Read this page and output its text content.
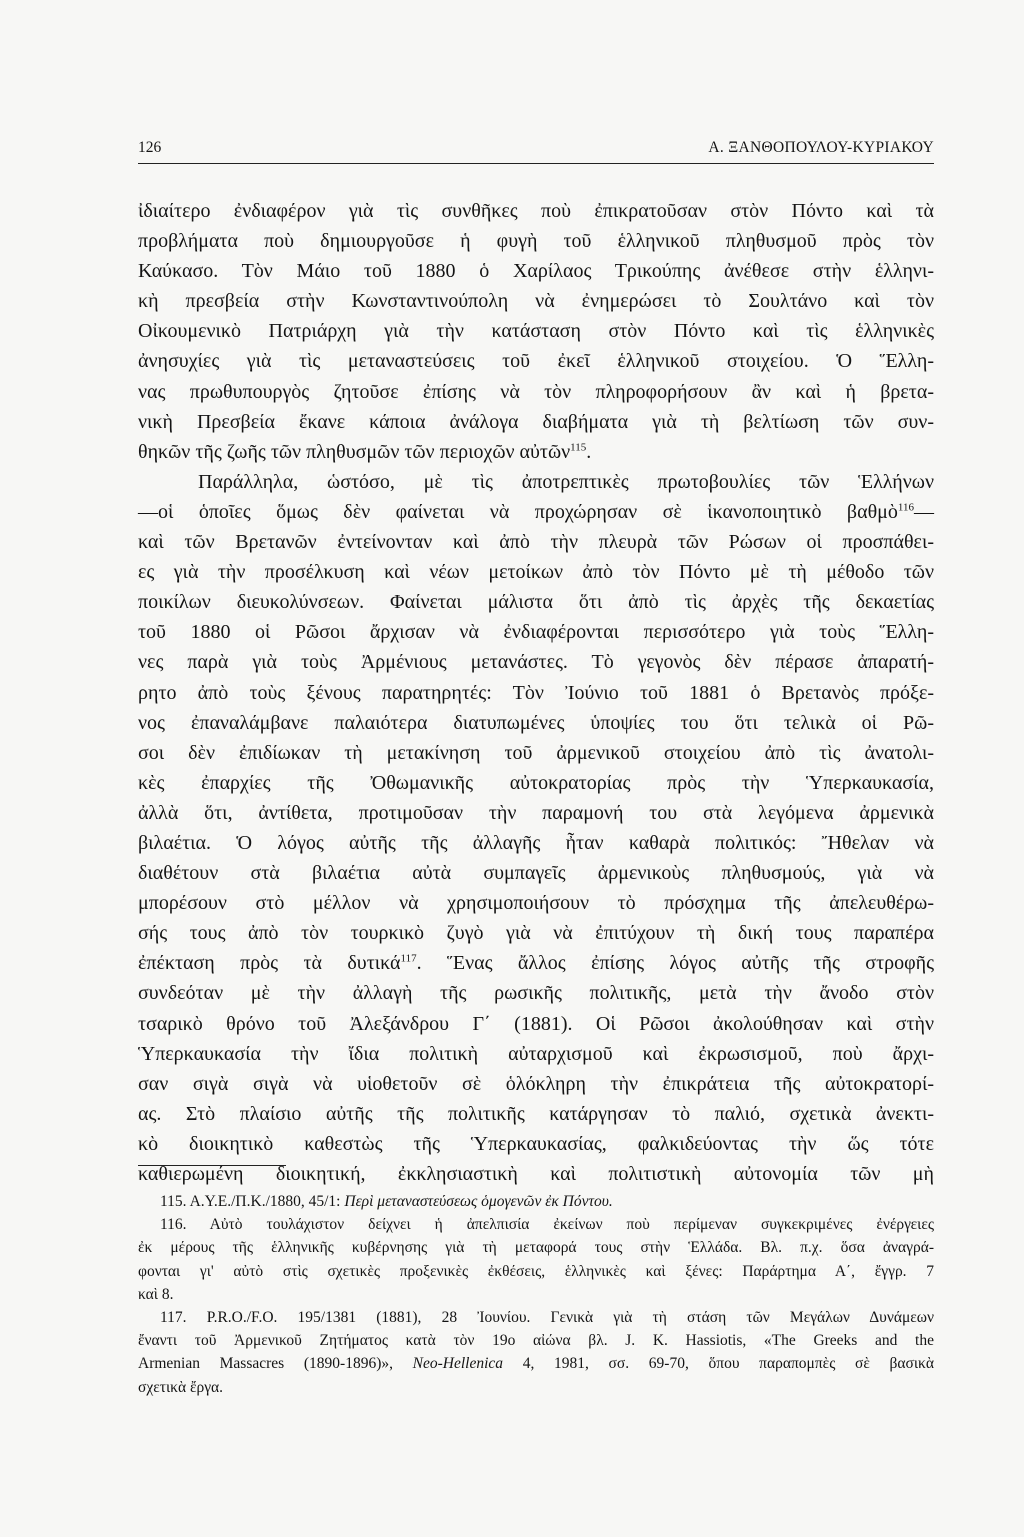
126	Α. ΞΑΝΘΟΠΟΥΛΟΥ-ΚΥΡΙΑΚΟΥ

ἰδιαίτερο ἐνδιαφέρον γιὰ τὶς συνθῆκες ποὺ ἐπικρατοῦσαν στὸν Πόντο καὶ τὰ
προβλήματα ποὺ δημιουργοῦσε ἡ φυγὴ τοῦ ἑλληνικοῦ πληθυσμοῦ πρὸς τὸν
Καύκασο. Τὸν Μάιο τοῦ 1880 ὁ Χαρίλαος Τρικούπης ἀνέθεσε στὴν ἑλληνι-
κὴ πρεσβεία στὴν Κωνσταντινούπολη νὰ ἐνημερώσει τὸ Σουλτάνο καὶ τὸν
Οἰκουμενικὸ Πατριάρχη γιὰ τὴν κατάσταση στὸν Πόντο καὶ τὶς ἑλληνικὲς
ἀνησυχίες γιὰ τὶς μεταναστεύσεις τοῦ ἐκεῖ ἑλληνικοῦ στοιχείου. Ὁ Ἕλλη-
νας πρωθυπουργὸς ζητοῦσε ἐπίσης νὰ τὸν πληροφορήσουν ἂν καὶ ἡ βρετα-
νικὴ Πρεσβεία ἔκανε κάποια ἀνάλογα διαβήματα γιὰ τὴ βελτίωση τῶν συν-
θηκῶν τῆς ζωῆς τῶν πληθυσμῶν τῶν περιοχῶν αὐτῶν$^{115}$.

Παράλληλα, ὡστόσο, μὲ τὶς ἀποτρεπτικὲς πρωτοβουλίες τῶν Ἑλλήνων
—οἱ ὁποῖες ὅμως δὲν φαίνεται νὰ προχώρησαν σὲ ἱκανοποιητικὸ βαθμὸ$^{116}$—
καὶ τῶν Βρετανῶν ἐντείνονταν καὶ ἀπὸ τὴν πλευρὰ τῶν Ρώσων οἱ προσπάθει-
ες γιὰ τὴν προσέλκυση καὶ νέων μετοίκων ἀπὸ τὸν Πόντο μὲ τὴ μέθοδο τῶν
ποικίλων διευκολύνσεων. Φαίνεται μάλιστα ὅτι ἀπὸ τὶς ἀρχὲς τῆς δεκαετίας
τοῦ 1880 οἱ Ρῶσοι ἄρχισαν νὰ ἐνδιαφέρονται περισσότερο γιὰ τοὺς Ἕλλη-
νες παρὰ γιὰ τοὺς Ἀρμένιους μετανάστες. Τὸ γεγονὸς δὲν πέρασε ἀπαρατή-
ρητο ἀπὸ τοὺς ξένους παρατηρητές: Τὸν Ἰούνιο τοῦ 1881 ὁ Βρετανὸς πρόξε-
νος ἐπαναλάμβανε παλαιότερα διατυπωμένες ὑποψίες του ὅτι τελικὰ οἱ Ρῶ-
σοι δὲν ἐπιδίωκαν τὴ μετακίνηση τοῦ ἀρμενικοῦ στοιχείου ἀπὸ τὶς ἀνατολι-
κὲς ἐπαρχίες τῆς Ὀθωμανικῆς αὐτοκρατορίας πρὸς τὴν Ὑπερκαυκασία,
ἀλλὰ ὅτι, ἀντίθετα, προτιμοῦσαν τὴν παραμονή του στὰ λεγόμενα ἀρμενικὰ
βιλαέτια. Ὁ λόγος αὐτῆς τῆς ἀλλαγῆς ἦταν καθαρὰ πολιτικός: Ἤθελαν νὰ
διαθέτουν στὰ βιλαέτια αὐτὰ συμπαγεῖς ἀρμενικοὺς πληθυσμούς, γιὰ νὰ
μπορέσουν στὸ μέλλον νὰ χρησιμοποιήσουν τὸ πρόσχημα τῆς ἀπελευθέρω-
σής τους ἀπὸ τὸν τουρκικὸ ζυγὸ γιὰ νὰ ἐπιτύχουν τὴ δική τους παραπέρα
ἐπέκταση πρὸς τὰ δυτικά$^{117}$. Ἕνας ἄλλος ἐπίσης λόγος αὐτῆς τῆς στροφῆς
συνδεόταν μὲ τὴν ἀλλαγὴ τῆς ρωσικῆς πολιτικῆς, μετὰ τὴν ἄνοδο στὸν
τσαρικὸ θρόνο τοῦ Ἀλεξάνδρου Γ΄ (1881). Οἱ Ρῶσοι ἀκολούθησαν καὶ στὴν
Ὑπερκαυκασία τὴν ἴδια πολιτικὴ αὐταρχισμοῦ καὶ ἐκρωσισμοῦ, ποὺ ἄρχι-
σαν σιγὰ σιγὰ νὰ υἱοθετοῦν σὲ ὁλόκληρη τὴν ἐπικράτεια τῆς αὐτοκρατορί-
ας. Στὸ πλαίσιο αὐτῆς τῆς πολιτικῆς κατάργησαν τὸ παλιό, σχετικὰ ἀνεκτι-
κὸ διοικητικὸ καθεστὼς τῆς Ὑπερκαυκασίας, φαλκιδεύοντας τὴν ὥς τότε
καθιερωμένη διοικητική, ἐκκλησιαστικὴ καὶ πολιτιστικὴ αὐτονομία τῶν μὴ

115. Α.Υ.Ε./Π.Κ./1880, 45/1: Περὶ μεταναστεύσεως ὁμογενῶν ἐκ Πόντου.

116. Αὐτὸ τουλάχιστον δείχνει ἡ ἀπελπισία ἐκείνων ποὺ περίμεναν συγκεκριμένες ἐνέργειες
ἐκ μέρους τῆς ἑλληνικῆς κυβέρνησης γιὰ τὴ μεταφορά τους στὴν Ἑλλάδα. Βλ. π.χ. ὅσα ἀναγρά-
φονται γι' αὐτὸ στὶς σχετικὲς προξενικὲς ἐκθέσεις, ἑλληνικὲς καὶ ξένες: Παράρτημα Α΄, ἔγγρ. 7
καὶ 8.

117. P.R.O./F.O. 195/1381 (1881), 28 Ἰουνίου. Γενικὰ γιὰ τὴ στάση τῶν Μεγάλων Δυνάμεων
ἔναντι τοῦ Ἀρμενικοῦ Ζητήματος κατὰ τὸν 19ο αἰώνα βλ. J. K. Hassiotis, «The Greeks and the
Armenian Massacres (1890-1896)», Neo-Hellenica 4, 1981, σσ. 69-70, ὅπου παραπομπὲς σὲ βασικὰ
σχετικὰ ἔργα.
